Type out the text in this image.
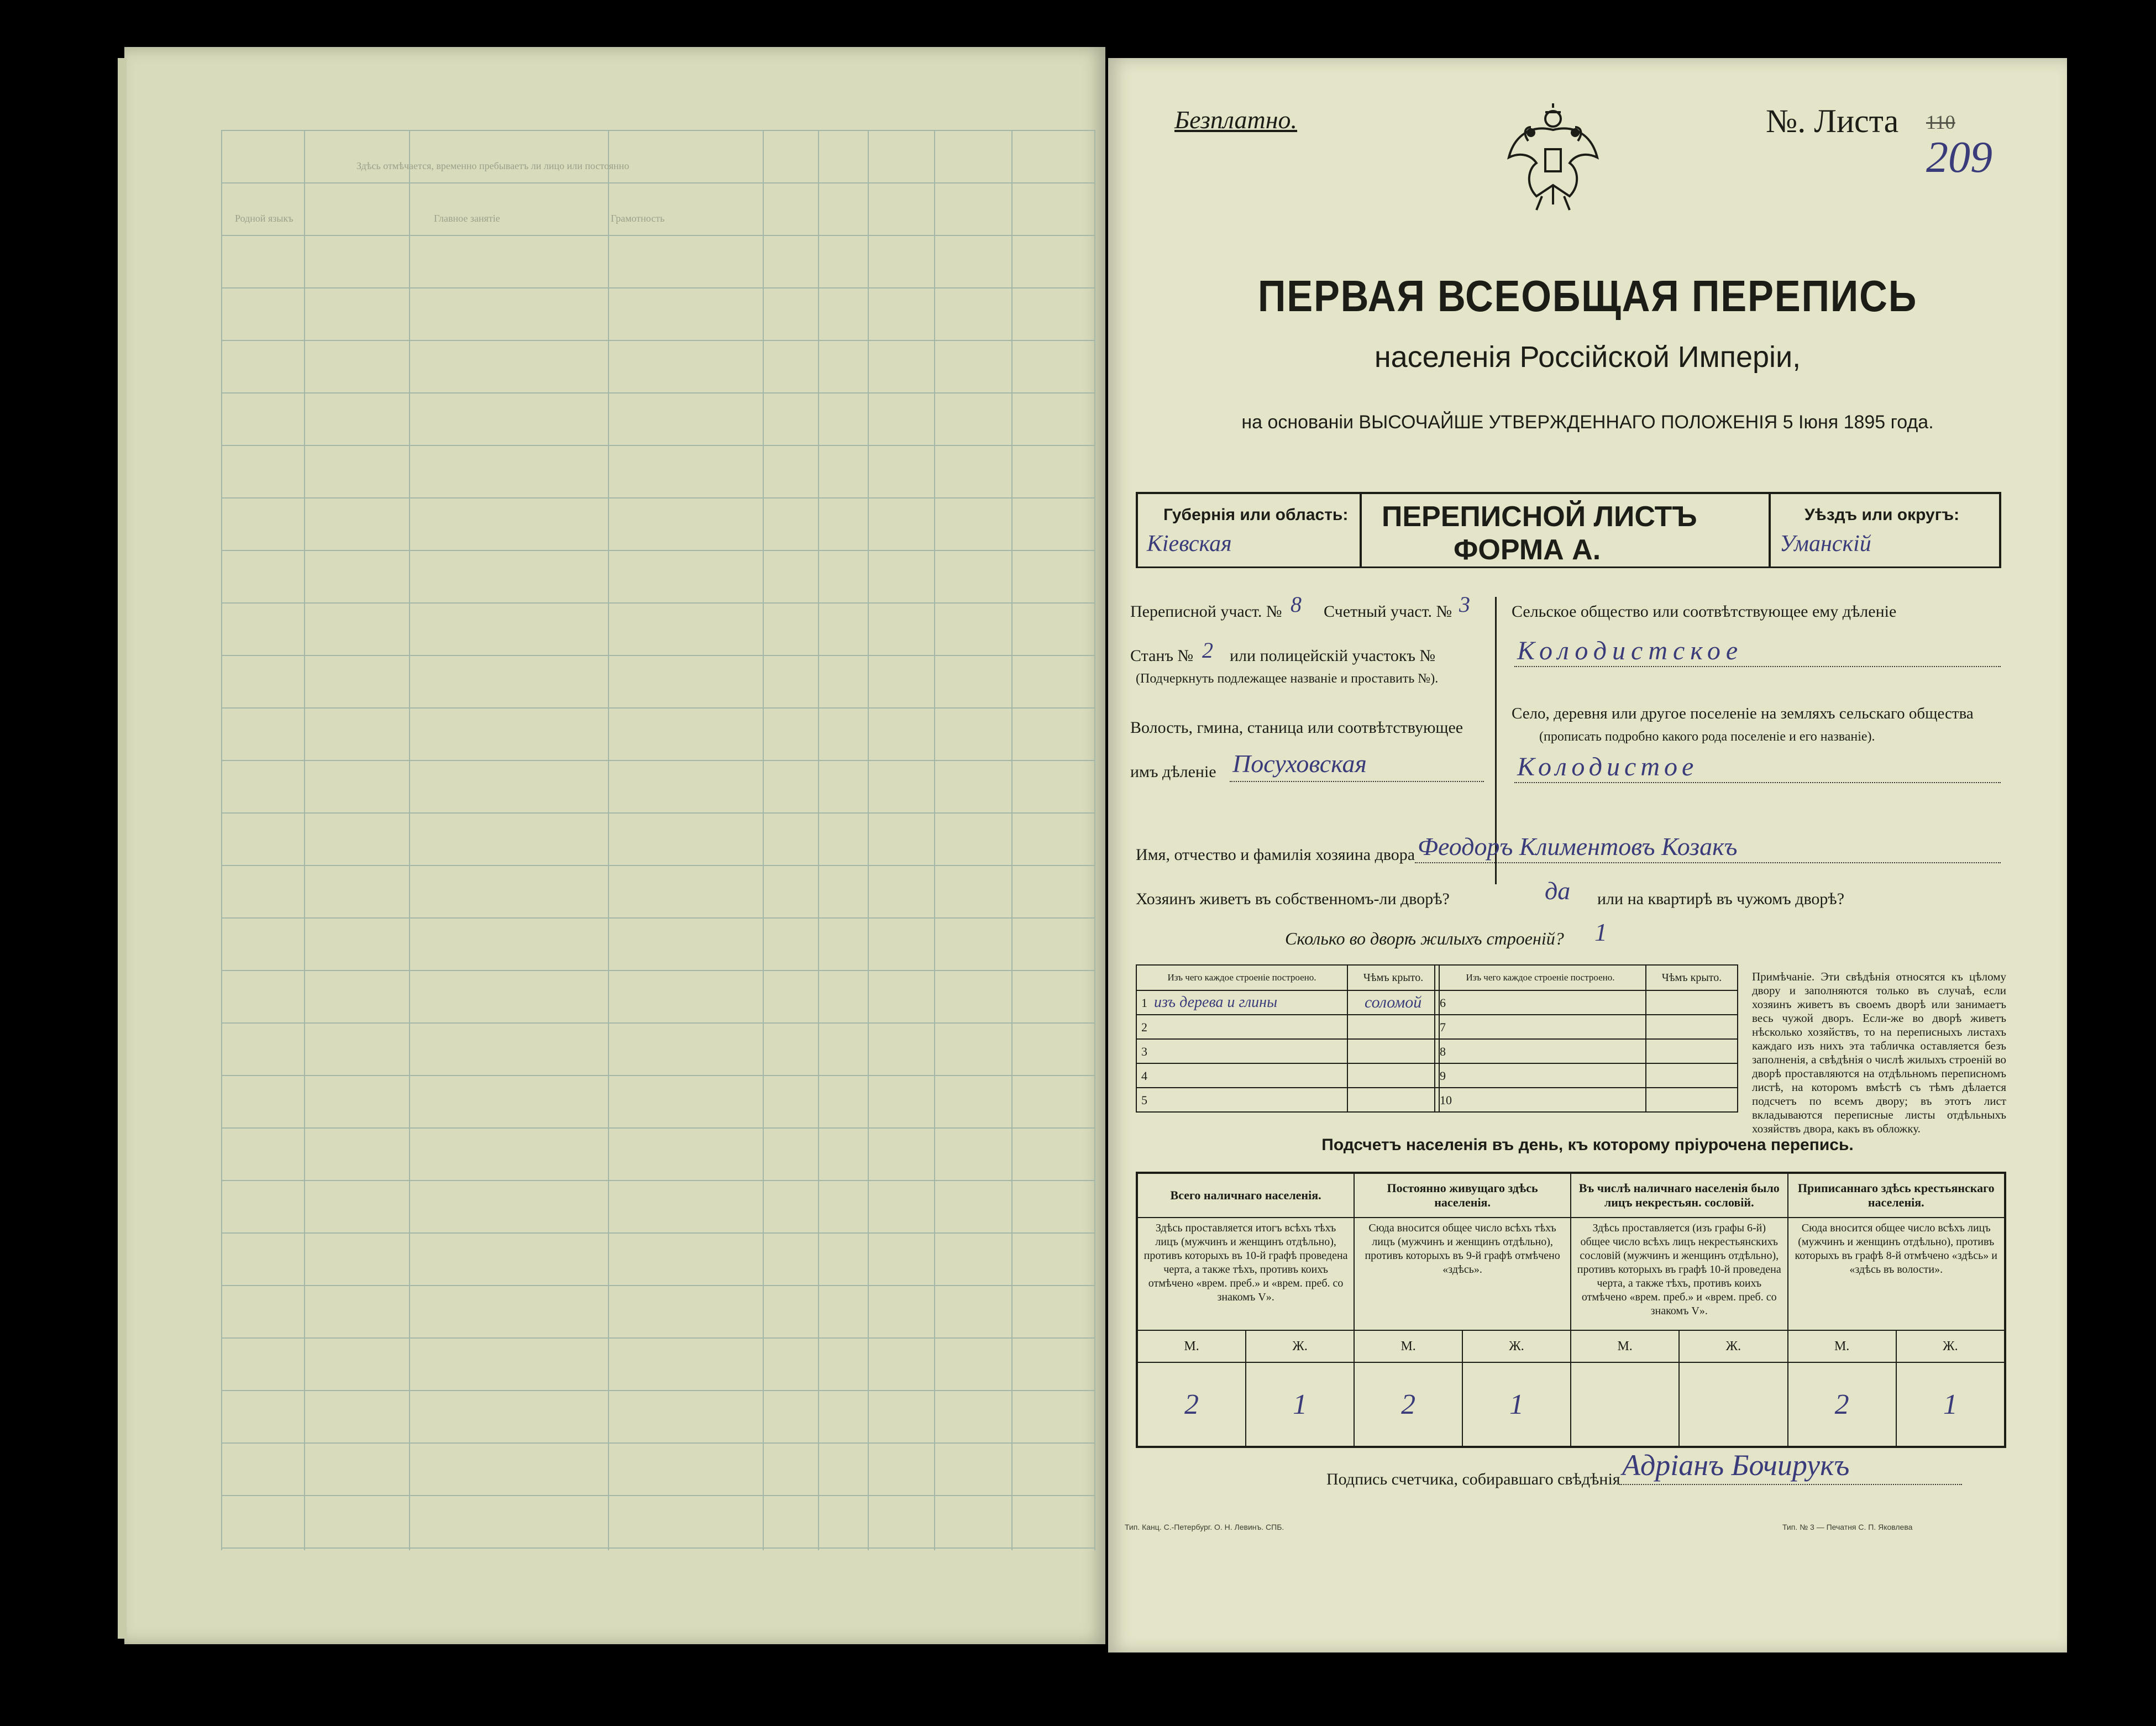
Здѣсь отмѣчается, временно пребываетъ ли лицо или постоянно
Родной языкъ	Главное занятіе	Грамотность
Безплатно.	№. Листа 110
209
ПЕРВАЯ ВСЕОБЩАЯ ПЕРЕПИСЬ
населенія Россійской Имперіи,
на основаніи ВЫСОЧАЙШЕ УТВЕРЖДЕННАГО ПОЛОЖЕНІЯ 5 Іюня 1895 года.
Губернія или область:
Кіевская
ПЕРЕПИСНОЙ ЛИСТЪ
ФОРМА А.
Уѣздъ или округъ:
Уманскій
Переписной участ. № 8 Счетный участ. № 3
Станъ № 2 или полицейскій участокъ №
(Подчеркнуть подлежащее названіе и проставить №).
Волость, гмина, станица или соотвѣтствующее
имъ дѣленіе Посуховская
Сельское общество или соотвѣтствующее ему дѣленіе
Колодистское
Село, деревня или другое поселеніе на земляхъ сельскаго общества
(прописать подробно какого рода поселеніе и его названіе).
Колодистое
Имя, отчество и фамилія хозяина двора Феодоръ Климентовъ Козакъ
Хозяинъ живетъ въ собственномъ-ли дворѣ?	да или на квартирѣ въ чужомъ дворѣ?
Сколько во дворѣ жилыхъ строеній? 1
Изъ чего каждое строеніе построено.	Чѣмъ крыто.
1 изъ дерева и глины	соломой
2	
3	
4	
5	
Изъ чего каждое строеніе построено.	Чѣмъ крыто.
6	
7	
8	
9	
10	
Примѣчаніе. Эти свѣдѣнія относятся къ цѣлому двору и заполняются только въ случаѣ, если хозяинъ живетъ въ своемъ дворѣ или занимаетъ весь чужой дворъ. Если-же во дворѣ живетъ нѣсколько хозяйствъ, то на переписныхъ листахъ каждаго изъ нихъ эта табличка оставляется безъ заполненія, а свѣдѣнія о числѣ жилыхъ строеній во дворѣ проставляются на отдѣльномъ переписномъ листѣ, на которомъ вмѣстѣ съ тѣмъ дѣлается подсчетъ по всемъ двору; въ этотъ лист вкладываются переписные листы отдѣльныхъ хозяйствъ двора, какъ въ обложку.
Подсчетъ населенія въ день, къ которому пріурочена перепись.
Всего наличнаго населенія.		Постоянно живущаго здѣсь населенія.		Въ числѣ наличнаго населенія было лицъ некрестьян. сословій.		Приписаннаго здѣсь крестьянскаго населенія.	
Здѣсь проставляется итогъ всѣхъ тѣхъ лицъ (мужчинъ и женщинъ отдѣльно), противъ которыхъ въ 10-й графѣ проведена черта, а также тѣхъ, противъ коихъ отмѣчено «врем. преб.» и «врем. преб. со знакомъ V».		Сюда вносится общее число всѣхъ тѣхъ лицъ (мужчинъ и женщинъ отдѣльно), противъ которыхъ въ 9-й графѣ отмѣчено «здѣсь».		Здѣсь проставляется (изъ графы 6-й) общее число всѣхъ лицъ некрестьянскихъ сословій (мужчинъ и женщинъ отдѣльно), противъ которыхъ въ графѣ 10-й проведена черта, а также тѣхъ, противъ коихъ отмѣчено «врем. преб.» и «врем. преб. со знакомъ V».		Сюда вносится общее число всѣхъ лицъ (мужчинъ и женщинъ отдѣльно), противъ которыхъ въ графѣ 8-й отмѣчено «здѣсь» и «здѣсь въ волости».	
М.	Ж.	М.	Ж.	М.	Ж.	М.	Ж.
2	1	2	1			2	1
Подпись счетчика, собиравшаго свѣдѣнія Адріанъ Бочирукъ
Тип. Канц. С.-Петербург. О. Н. Левинъ. СПБ.	Тип. № 3 — Печатня С. П. Яковлева
